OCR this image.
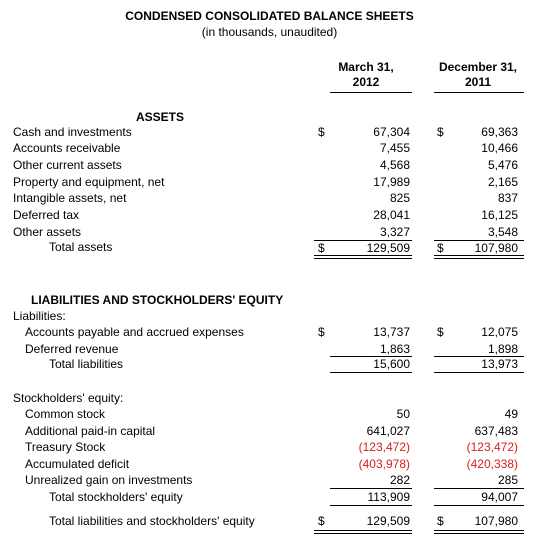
CONDENSED CONSOLIDATED BALANCE SHEETS
(in thousands, unaudited)
March 31,
2012
December 31,
2011
ASSETS
Cash and investments	$	67,304 $	69,363
Accounts receivable	7,455	10,466
Other current assets	4,568	5,476
Property and equipment, net	17,989	2,165
Intangible assets, net	825	837
Deferred tax	28,041	16,125
Other assets	3,327	3,548
Total assets	$	129,509 $	107,980
LIABILITIES AND STOCKHOLDERS' EQUITY
Liabilities:
Accounts payable and accrued expenses	$	13,737 $	12,075
Deferred revenue	1,863	1,898
Total liabilities	15,600	13,973
Stockholders' equity:
Common stock	50	49
Additional paid-in capital	641,027	637,483
Treasury Stock	(123,472)	(123,472)
Accumulated deficit	(403,978)	(420,338)
Unrealized gain on investments	282	285
Total stockholders' equity	113,909	94,007
Total liabilities and stockholders' equity	$	129,509 $	107,980
